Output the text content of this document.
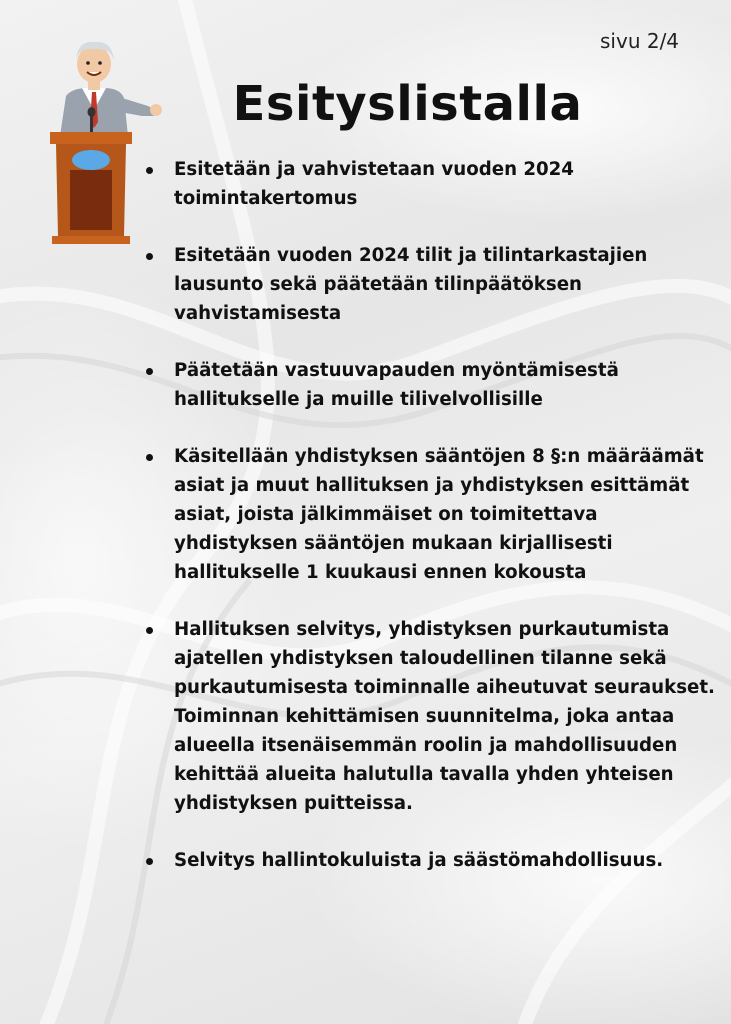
sivu 2/4
Esityslistalla
Esitetään ja vahvistetaan vuoden 2024 toimintakertomus
Esitetään vuoden 2024 tilit ja tilintarkastajien lausunto sekä päätetään tilinpäätöksen vahvistamisesta
Päätetään vastuuvapauden myöntämisestä hallitukselle ja muille tilivelvollisille
Käsitellään yhdistyksen sääntöjen 8 §:n määräämät asiat ja muut hallituksen ja yhdistyksen esittämät asiat, joista jälkimmäiset on toimitettava yhdistyksen sääntöjen mukaan kirjallisesti hallitukselle 1 kuukausi ennen kokousta
Hallituksen selvitys, yhdistyksen purkautumista ajatellen yhdistyksen taloudellinen tilanne sekä purkautumisesta toiminnalle aiheutuvat seuraukset. Toiminnan kehittämisen suunnitelma, joka antaa alueella itsenäisemmän roolin ja mahdollisuuden kehittää alueita halutulla tavalla yhden yhteisen yhdistyksen puitteissa.
Selvitys hallintokuluista ja säästömahdollisuus.
